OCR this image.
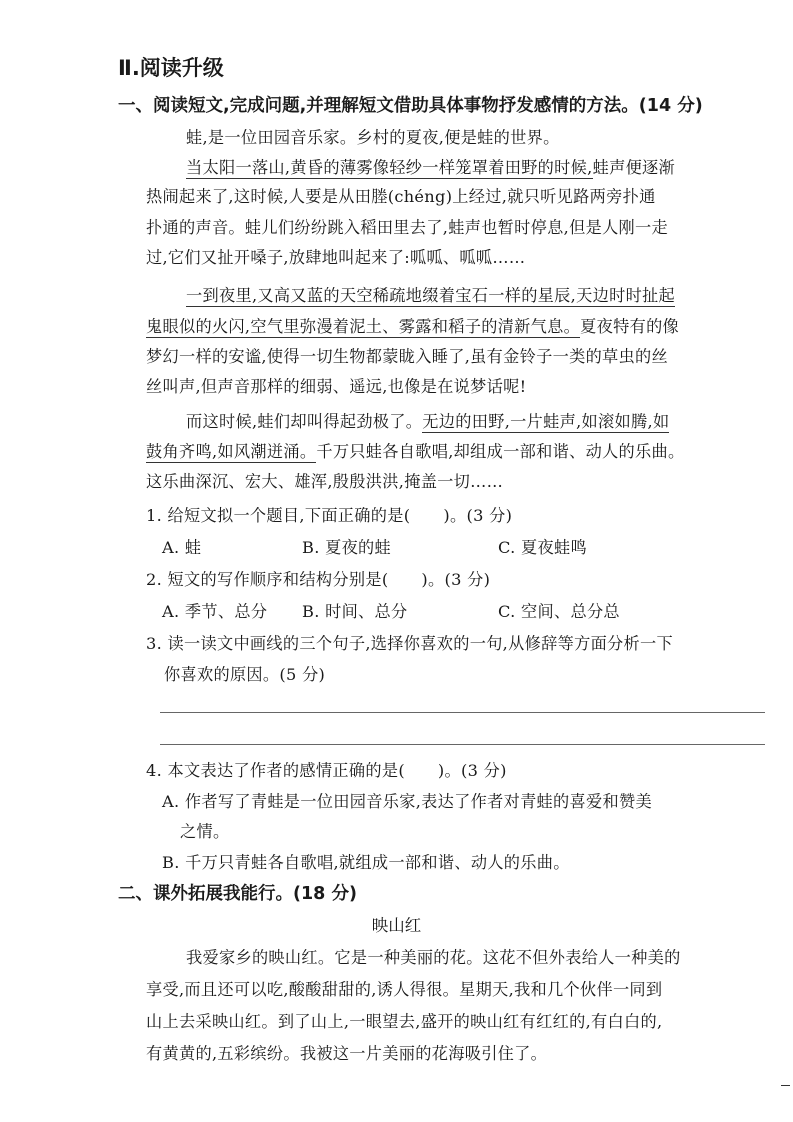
Ⅱ.阅读升级
一、阅读短文,完成问题,并理解短文借助具体事物抒发感情的方法。(14 分)
蛙,是一位田园音乐家。乡村的夏夜,便是蛙的世界。
当太阳一落山,黄昏的薄雾像轻纱一样笼罩着田野的时候,蛙声便逐渐
热闹起来了,这时候,人要是从田塍(chéng)上经过,就只听见路两旁扑通
扑通的声音。蛙儿们纷纷跳入稻田里去了,蛙声也暂时停息,但是人刚一走
过,它们又扯开嗓子,放肆地叫起来了:呱呱、呱呱……
一到夜里,又高又蓝的天空稀疏地缀着宝石一样的星辰,天边时时扯起
鬼眼似的火闪,空气里弥漫着泥土、雾露和稻子的清新气息。夏夜特有的像
梦幻一样的安谧,使得一切生物都蒙眬入睡了,虽有金铃子一类的草虫的丝
丝叫声,但声音那样的细弱、遥远,也像是在说梦话呢!
而这时候,蛙们却叫得起劲极了。无边的田野,一片蛙声,如滚如腾,如
鼓角齐鸣,如风潮迸涌。千万只蛙各自歌唱,却组成一部和谐、动人的乐曲。
这乐曲深沉、宏大、雄浑,殷殷洪洪,掩盖一切……
1. 给短文拟一个题目,下面正确的是(　　)。(3 分)
A. 蛙	B. 夏夜的蛙	C. 夏夜蛙鸣
2. 短文的写作顺序和结构分别是(　　)。(3 分)
A. 季节、总分 B. 时间、总分	C. 空间、总分总
3. 读一读文中画线的三个句子,选择你喜欢的一句,从修辞等方面分析一下
你喜欢的原因。(5 分)
4. 本文表达了作者的感情正确的是(　　)。(3 分)
A. 作者写了青蛙是一位田园音乐家,表达了作者对青蛙的喜爱和赞美
之情。
B. 千万只青蛙各自歌唱,就组成一部和谐、动人的乐曲。
二、课外拓展我能行。(18 分)
映山红
我爱家乡的映山红。它是一种美丽的花。这花不但外表给人一种美的
享受,而且还可以吃,酸酸甜甜的,诱人得很。星期天,我和几个伙伴一同到
山上去采映山红。到了山上,一眼望去,盛开的映山红有红红的,有白白的,
有黄黄的,五彩缤纷。我被这一片美丽的花海吸引住了。
